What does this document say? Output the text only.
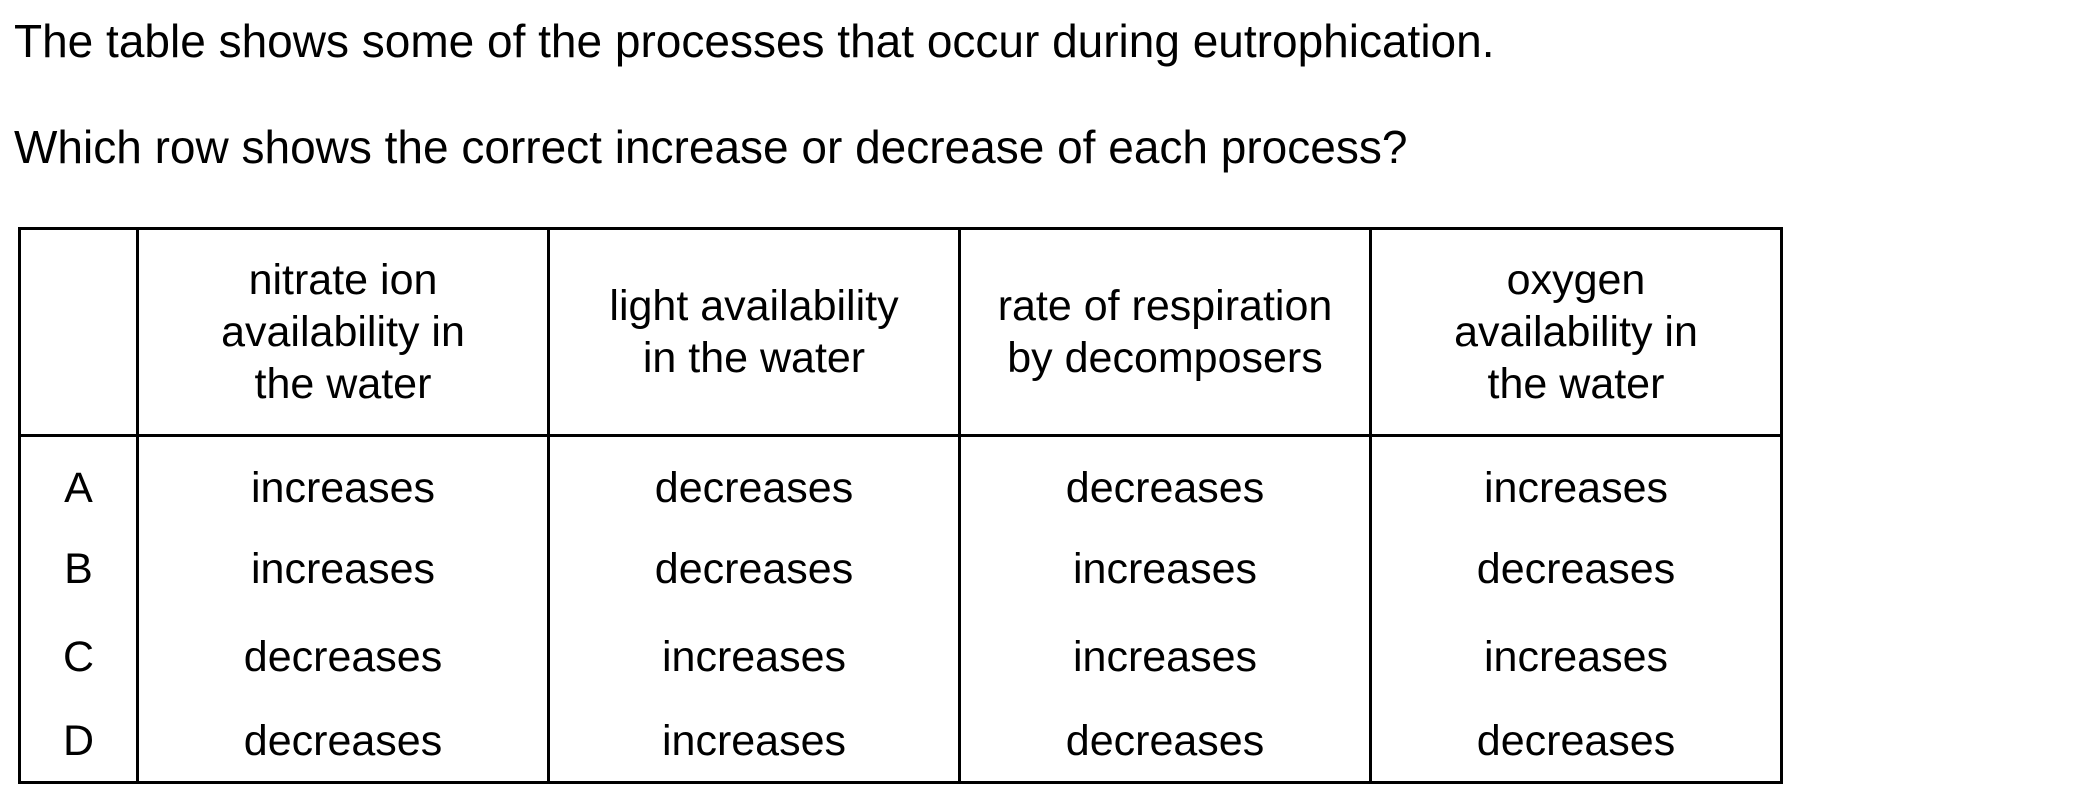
The table shows some of the processes that occur during eutrophication.
Which row shows the correct increase or decrease of each process?
	nitrate ion
availability in
the water	light availability
in the water	rate of respiration
by decomposers	oxygen
availability in
the water
A	increases	decreases	decreases	increases
B	increases	decreases	increases	decreases
C	decreases	increases	increases	increases
D	decreases	increases	decreases	decreases
